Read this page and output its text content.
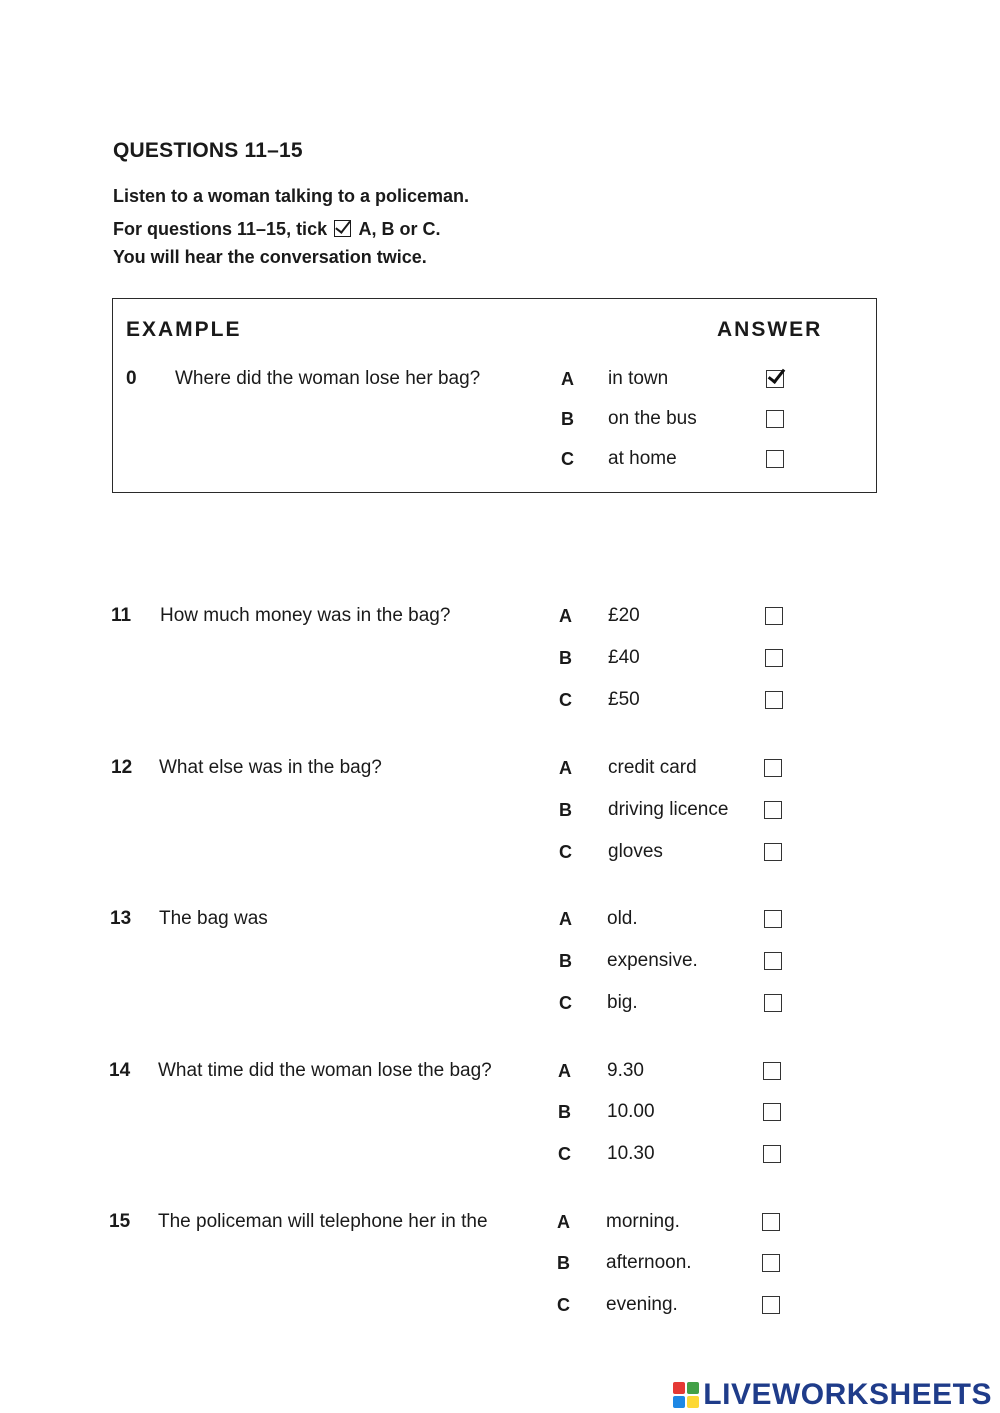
QUESTIONS 11–15
Listen to a woman talking to a policeman.
For questions 11–15, tick A, B or C.
You will hear the conversation twice.
EXAMPLE	ANSWER
0 Where did the woman lose her bag?	A in town
B on the bus
C at home
11 How much money was in the bag?	A £20
B £40
C £50
12 What else was in the bag?	A credit card
B driving licence
C gloves
13 The bag was	A old.
B expensive.
C big.
14 What time did the woman lose the bag?	A 9.30
B 10.00
C 10.30
15 The policeman will telephone her in the	A morning.
B afternoon.
C evening.
LIVEWORKSHEETS
